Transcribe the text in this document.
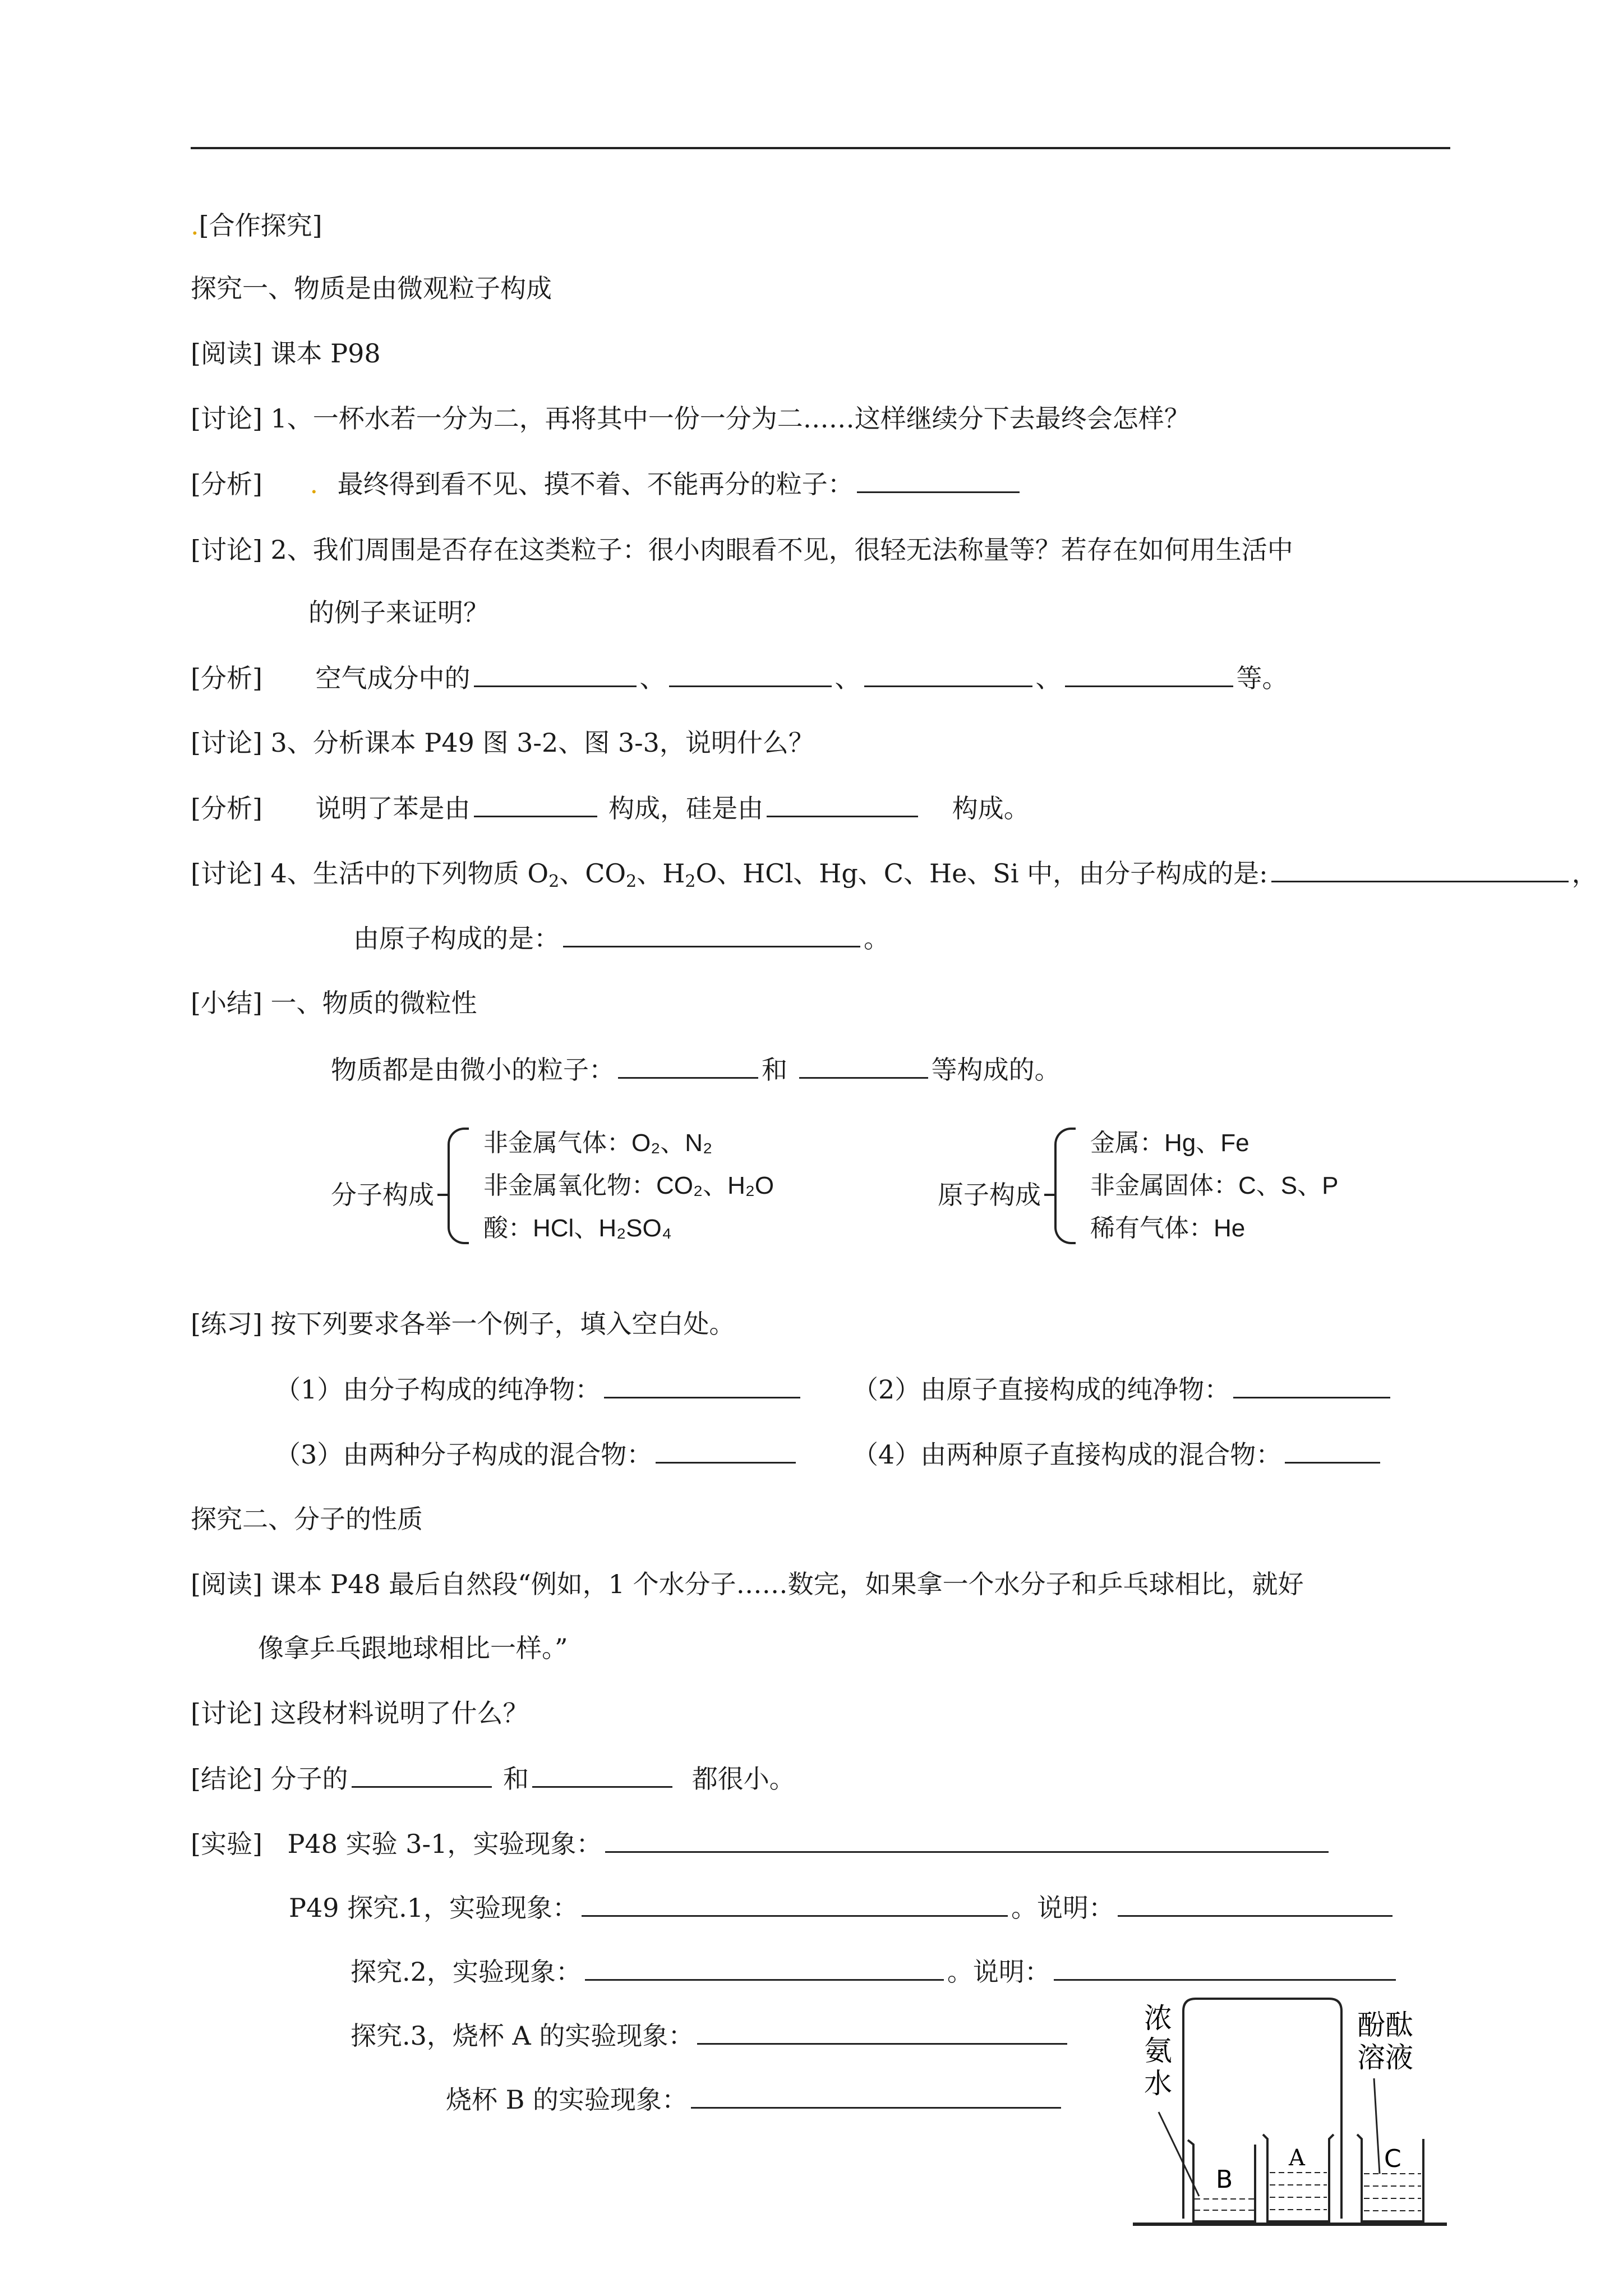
.[合作探究]
探究一、物质是由微观粒子构成
[阅读] 课本 P98
[讨论] 1、一杯水若一分为二，再将其中一份一分为二……这样继续分下去最终会怎样？
[分析] . 最终得到看不见、摸不着、不能再分的粒子：
[讨论] 2、我们周围是否存在这类粒子：很小肉眼看不见，很轻无法称量等？若存在如何用生活中
的例子来证明？
[分析] 空气成分中的	、	、	、	等。
[讨论] 3、分析课本 P49 图 3-2、图 3-3，说明什么？
[分析] 说明了苯是由	构成，硅是由	构成。
[讨论] 4、生活中的下列物质 $O_2$、$CO_2$、$H_2O$、HCl、Hg、C、He、Si 中，由分子构成的是:	，
由原子构成的是：	。
[小结] 一、物质的微粒性
物质都是由微小的粒子：	和	等构成的。
分子构成
非金属气体：O₂、N₂
非金属氧化物：CO₂、H₂O
酸：HCl、H₂SO₄
原子构成
金属：Hg、Fe
非金属固体：C、S、P
稀有气体：He
[练习] 按下列要求各举一个例子，填入空白处。
（1）由分子构成的纯净物：	（2）由原子直接构成的纯净物：
（3）由两种分子构成的混合物：	（4）由两种原子直接构成的混合物：
探究二、分子的性质
[阅读] 课本 P48 最后自然段“例如，1 个水分子……数完，如果拿一个水分子和乒乓球相比，就好
像拿乒乓跟地球相比一样。”
[讨论] 这段材料说明了什么？
[结论] 分子的	和	都很小。
[实验] P48 实验 3-1，实验现象：
P49 探究.1，实验现象：	。说明：
探究.2，实验现象：	。说明：
探究.3，烧杯 A 的实验现象：
烧杯 B 的实验现象：
浓
氨
水
酚酞
溶液
B
A	C
